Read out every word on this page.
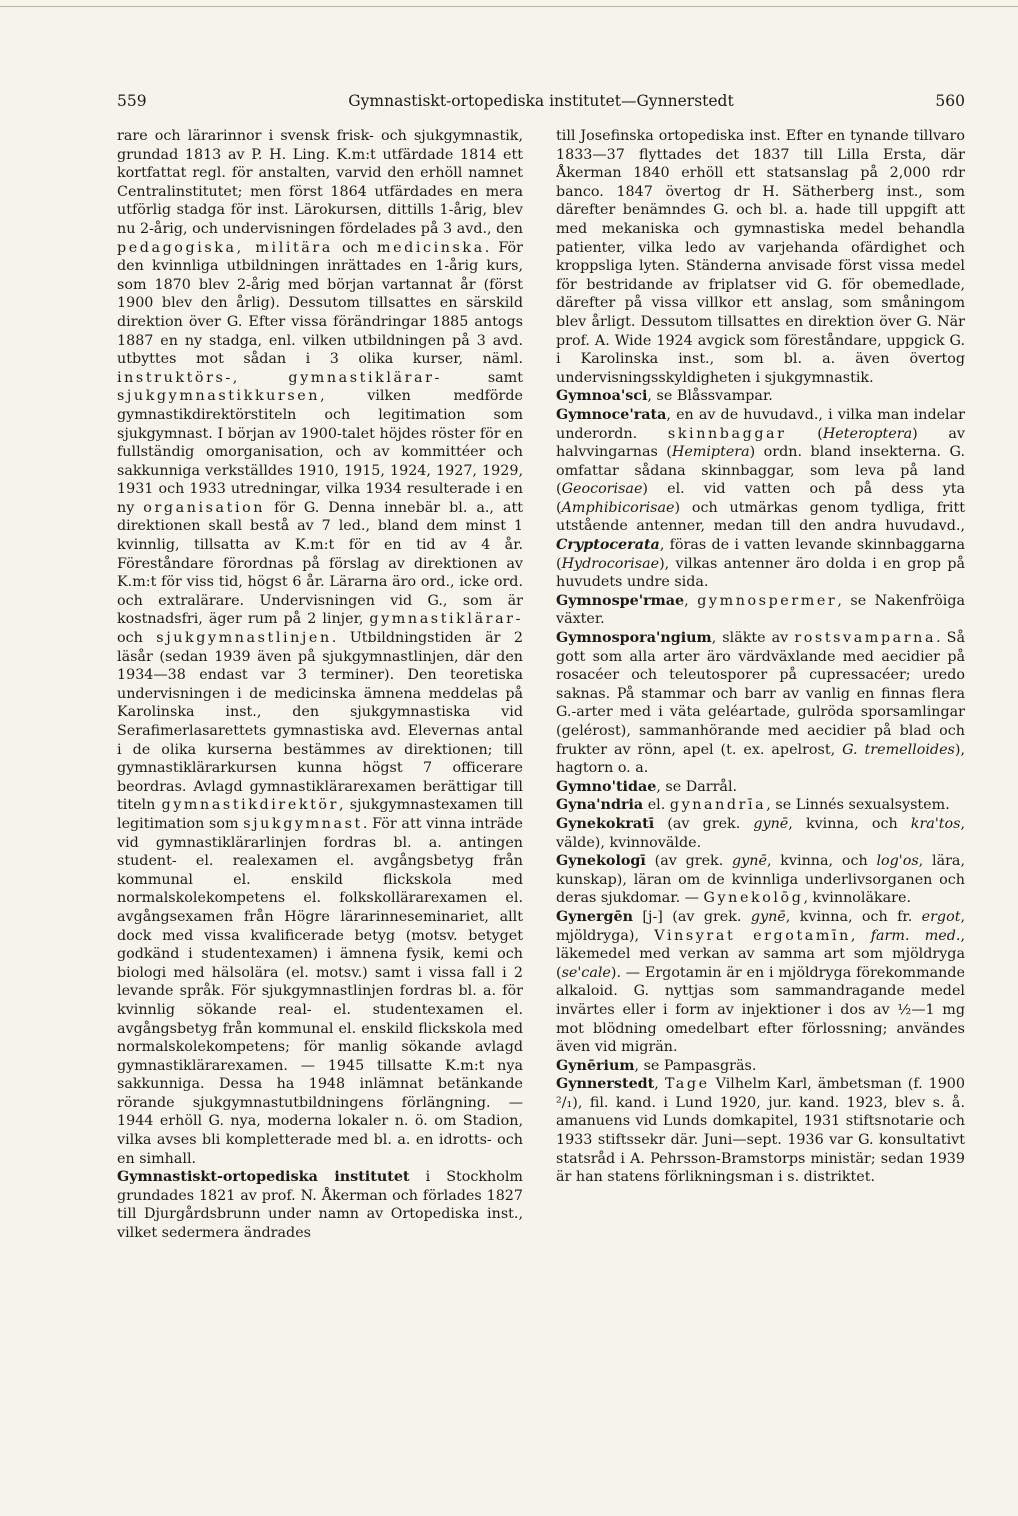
559	Gymnastiskt-ortopediska institutet—Gynnerstedt	560

rare och lärarinnor i svensk frisk- och sjukgymnastik, grundad 1813 av P. H. Ling. K.m:t utfärdade 1814 ett kortfattat regl. för anstalten, varvid den erhöll namnet Centralinstitutet; men först 1864 utfärdades en mera utförlig stadga för inst. Lärokursen, dittills 1-årig, blev nu 2-årig, och undervisningen fördelades på 3 avd., den pedagogiska, militära och medicinska. För den kvinnliga utbildningen inrättades en 1-årig kurs, som 1870 blev 2-årig med början vartannat år (först 1900 blev den årlig). Dessutom tillsattes en särskild direktion över G. Efter vissa förändringar 1885 antogs 1887 en ny stadga, enl. vilken utbildningen på 3 avd. utbyttes mot sådan i 3 olika kurser, näml. instruktörs-, gymnastiklärar- samt sjukgymnastikkursen, vilken medförde gymnastikdirektörstiteln och legitimation som sjukgymnast. I början av 1900-talet höjdes röster för en fullständig omorganisation, och av kommittéer och sakkunniga verkställdes 1910, 1915, 1924, 1927, 1929, 1931 och 1933 utredningar, vilka 1934 resulterade i en ny organisation för G. Denna innebär bl. a., att direktionen skall bestå av 7 led., bland dem minst 1 kvinnlig, tillsatta av K.m:t för en tid av 4 år. Föreståndare förordnas på förslag av direktionen av K.m:t för viss tid, högst 6 år. Lärarna äro ord., icke ord. och extralärare. Undervisningen vid G., som är kostnadsfri, äger rum på 2 linjer, gymnastiklärar- och sjukgymnastlinjen. Utbildningstiden är 2 läsår (sedan 1939 även på sjukgymnastlinjen, där den 1934—38 endast var 3 terminer). Den teoretiska undervisningen i de medicinska ämnena meddelas på Karolinska inst., den sjukgymnastiska vid Serafimerlasarettets gymnastiska avd. Elevernas antal i de olika kurserna bestämmes av direktionen; till gymnastiklärarkursen kunna högst 7 officerare beordras. Avlagd gymnastiklärarexamen berättigar till titeln gymnastikdirektör, sjukgymnastexamen till legitimation som sjukgymnast. För att vinna inträde vid gymnastiklärarlinjen fordras bl. a. antingen student- el. realexamen el. avgångsbetyg från kommunal el. enskild flickskola med normalskolekompetens el. folkskollärarexamen el. avgångsexamen från Högre lärarinneseminariet, allt dock med vissa kvalificerade betyg (motsv. betyget godkänd i studentexamen) i ämnena fysik, kemi och biologi med hälsolära (el. motsv.) samt i vissa fall i 2 levande språk. För sjukgymnastlinjen fordras bl. a. för kvinnlig sökande real- el. studentexamen el. avgångsbetyg från kommunal el. enskild flickskola med normalskolekompetens; för manlig sökande avlagd gymnastiklärarexamen. — 1945 tillsatte K.m:t nya sakkunniga. Dessa ha 1948 inlämnat betänkande rörande sjukgymnastutbildningens förlängning. — 1944 erhöll G. nya, moderna lokaler n. ö. om Stadion, vilka avses bli kompletterade med bl. a. en idrotts- och en simhall.

Gymnastiskt-ortopediska institutet i Stockholm grundades 1821 av prof. N. Åkerman och förlades 1827 till Djurgårdsbrunn under namn av Ortopediska inst., vilket sedermera ändrades

till Josefinska ortopediska inst. Efter en tynande tillvaro 1833—37 flyttades det 1837 till Lilla Ersta, där Åkerman 1840 erhöll ett statsanslag på 2,000 rdr banco. 1847 övertog dr H. Sätherberg inst., som därefter benämndes G. och bl. a. hade till uppgift att med mekaniska och gymnastiska medel behandla patienter, vilka ledo av varjehanda ofärdighet och kroppsliga lyten. Ständerna anvisade först vissa medel för bestridande av friplatser vid G. för obemedlade, därefter på vissa villkor ett anslag, som småningom blev årligt. Dessutom tillsattes en direktion över G. När prof. A. Wide 1924 avgick som föreståndare, uppgick G. i Karolinska inst., som bl. a. även övertog undervisningsskyldigheten i sjukgymnastik.

Gymnoa'sci, se Blåssvampar.

Gymnoce'rata, en av de huvudavd., i vilka man indelar underordn. skinnbaggar (Heteroptera) av halvvingarnas (Hemiptera) ordn. bland insekterna. G. omfattar sådana skinnbaggar, som leva på land (Geocorisae) el. vid vatten och på dess yta (Amphibicorisae) och utmärkas genom tydliga, fritt utstående antenner, medan till den andra huvudavd., Cryptocerata, föras de i vatten levande skinnbaggarna (Hydrocorisae), vilkas antenner äro dolda i en grop på huvudets undre sida.

Gymnospe'rmae, gymnospermer, se Nakenfröiga växter.

Gymnospora'ngium, släkte av rostsvamparna. Så gott som alla arter äro värdväxlande med aecidier på rosacéer och teleutosporer på cupressacéer; uredo saknas. På stammar och barr av vanlig en finnas flera G.-arter med i väta geléartade, gulröda sporsamlingar (gelérost), sammanhörande med aecidier på blad och frukter av rönn, apel (t. ex. apelrost, G. tremelloides), hagtorn o. a.

Gymno'tidae, se Darrål.

Gyna'ndria el. gynandrīa, se Linnés sexualsystem.

Gynekokratī (av grek. gynē, kvinna, och kra'tos, välde), kvinnovälde.

Gynekologī (av grek. gynē, kvinna, och log'os, lära, kunskap), läran om de kvinnliga underlivsorganen och deras sjukdomar. — Gynekolōg, kvinnoläkare.

Gynergēn [j-] (av grek. gynē, kvinna, och fr. ergot, mjöldryga), Vinsyrat ergotamīn, farm. med., läkemedel med verkan av samma art som mjöldryga (se'cale). — Ergotamin är en i mjöldryga förekommande alkaloid. G. nyttjas som sammandragande medel invärtes eller i form av injektioner i dos av ½—1 mg mot blödning omedelbart efter förlossning; användes även vid migrän.

Gynērium, se Pampasgräs.

Gynnerstedt, Tage Vilhelm Karl, ämbetsman (f. 1900 ²/₁), fil. kand. i Lund 1920, jur. kand. 1923, blev s. å. amanuens vid Lunds domkapitel, 1931 stiftsnotarie och 1933 stiftssekr där. Juni—sept. 1936 var G. konsultativt statsråd i A. Pehrsson-Bramstorps ministär; sedan 1939 är han statens förlikningsman i s. distriktet.
